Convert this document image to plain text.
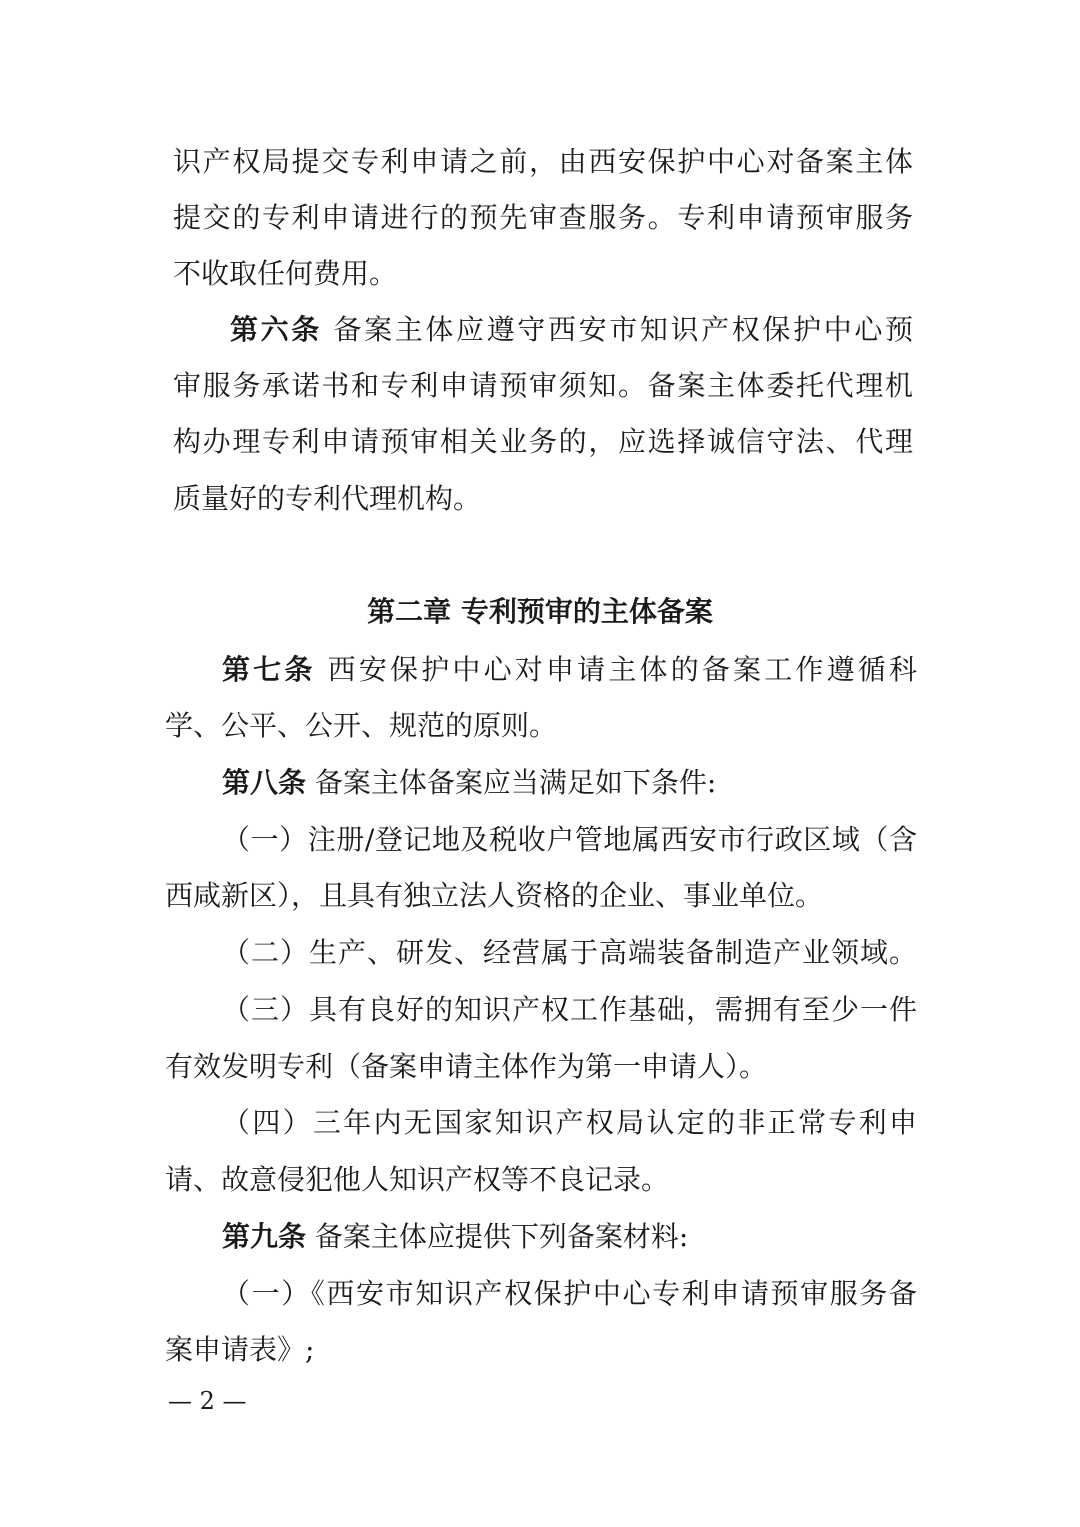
识产权局提交专利申请之前，由西安保护中心对备案主体
提交的专利申请进行的预先审查服务。专利申请预审服务
不收取任何费用。
第六条 备案主体应遵守西安市知识产权保护中心预
审服务承诺书和专利申请预审须知。备案主体委托代理机
构办理专利申请预审相关业务的，应选择诚信守法、代理
质量好的专利代理机构。
第二章 专利预审的主体备案
第七条 西安保护中心对申请主体的备案工作遵循科
学、公平、公开、规范的原则。
第八条 备案主体备案应当满足如下条件:
（一）注册/登记地及税收户管地属西安市行政区域（含
西咸新区），且具有独立法人资格的企业、事业单位。
（二）生产、研发、经营属于高端装备制造产业领域。
（三）具有良好的知识产权工作基础，需拥有至少一件
有效发明专利（备案申请主体作为第一申请人）。
（四）三年内无国家知识产权局认定的非正常专利申
请、故意侵犯他人知识产权等不良记录。
第九条 备案主体应提供下列备案材料:
（一）《西安市知识产权保护中心专利申请预审服务备
案申请表》;
— 2 —
